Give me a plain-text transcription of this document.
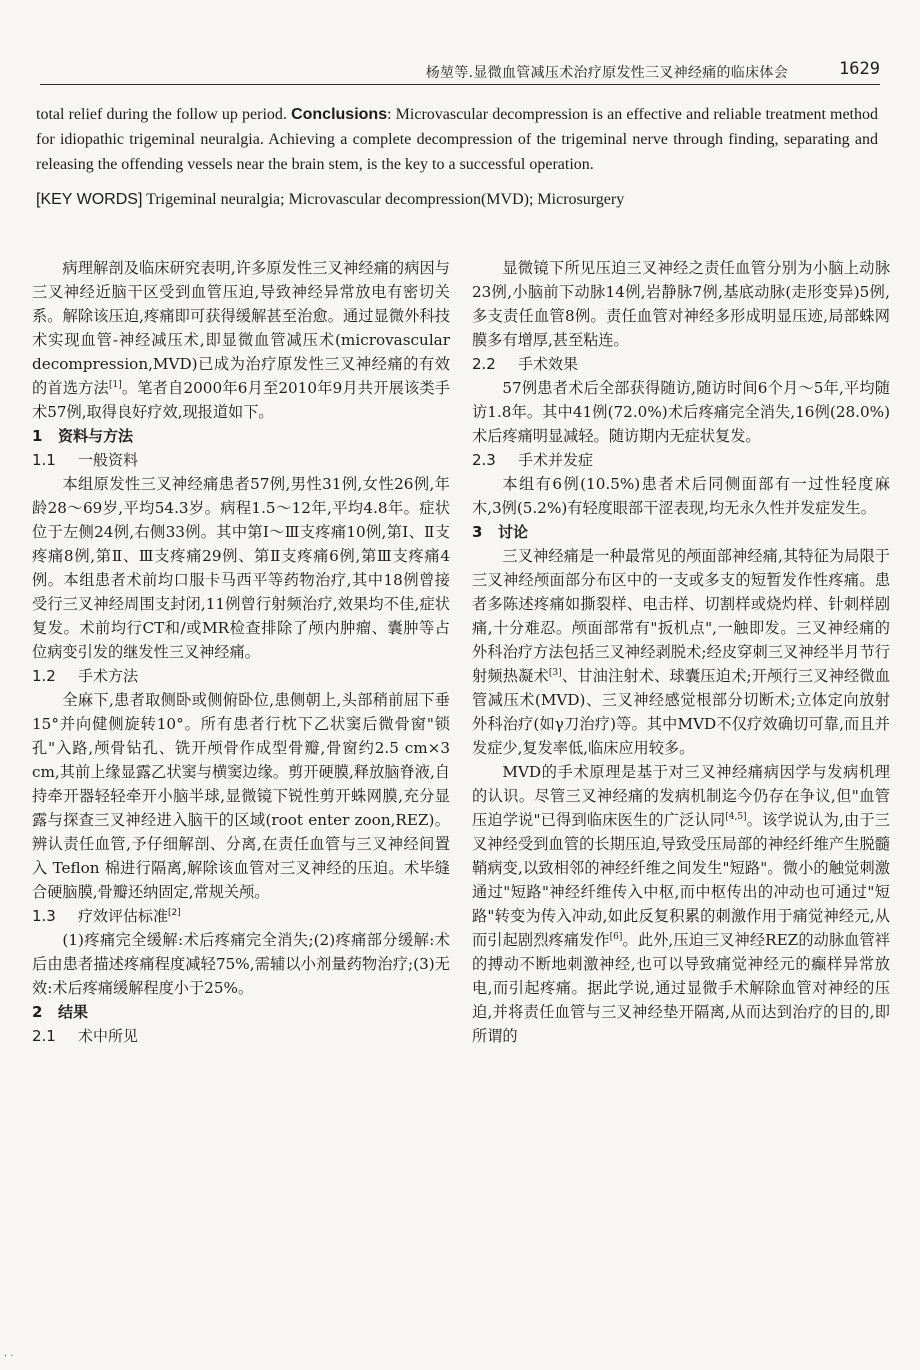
杨堃等.显微血管减压术治疗原发性三叉神经痛的临床体会	1629
total relief during the follow up period. Conclusions: Microvascular decompression is an effective and reliable treatment method for idiopathic trigeminal neuralgia. Achieving a complete decompression of the trigeminal nerve through finding, separating and releasing the offending vessels near the brain stem, is the key to a successful operation.
[KEY WORDS] Trigeminal neuralgia; Microvascular decompression(MVD); Microsurgery

病理解剖及临床研究表明,许多原发性三叉神经痛的病因与三叉神经近脑干区受到血管压迫,导致神经异常放电有密切关系。解除该压迫,疼痛即可获得缓解甚至治愈。通过显微外科技术实现血管-神经减压术,即显微血管减压术(microvascular decompression,MVD)已成为治疗原发性三叉神经痛的有效的首选方法[1]。笔者自2000年6月至2010年9月共开展该类手术57例,取得良好疗效,现报道如下。

1 资料与方法
1.1 一般资料

本组原发性三叉神经痛患者57例,男性31例,女性26例,年龄28～69岁,平均54.3岁。病程1.5～12年,平均4.8年。症状位于左侧24例,右侧33例。其中第Ⅰ～Ⅲ支疼痛10例,第Ⅰ、Ⅱ支疼痛8例,第Ⅱ、Ⅲ支疼痛29例、第Ⅱ支疼痛6例,第Ⅲ支疼痛4例。本组患者术前均口服卡马西平等药物治疗,其中18例曾接受行三叉神经周围支封闭,11例曾行射频治疗,效果均不佳,症状复发。术前均行CT和/或MR检查排除了颅内肿瘤、囊肿等占位病变引发的继发性三叉神经痛。

1.2 手术方法

全麻下,患者取侧卧或侧俯卧位,患侧朝上,头部稍前屈下垂15°并向健侧旋转10°。所有患者行枕下乙状窦后微骨窗"锁孔"入路,颅骨钻孔、铣开颅骨作成型骨瓣,骨窗约2.5 cm×3 cm,其前上缘显露乙状窦与横窦边缘。剪开硬膜,释放脑脊液,自持牵开器轻轻牵开小脑半球,显微镜下锐性剪开蛛网膜,充分显露与探查三叉神经进入脑干的区域(root enter zoon,REZ)。辨认责任血管,予仔细解剖、分离,在责任血管与三叉神经间置入 Teflon 棉进行隔离,解除该血管对三叉神经的压迫。术毕缝合硬脑膜,骨瓣还纳固定,常规关颅。

1.3 疗效评估标准[2]

(1)疼痛完全缓解:术后疼痛完全消失;(2)疼痛部分缓解:术后由患者描述疼痛程度减轻75%,需辅以小剂量药物治疗;(3)无效:术后疼痛缓解程度小于25%。

2 结果
2.1 术中所见

显微镜下所见压迫三叉神经之责任血管分别为小脑上动脉23例,小脑前下动脉14例,岩静脉7例,基底动脉(走形变异)5例,多支责任血管8例。责任血管对神经多形成明显压迹,局部蛛网膜多有增厚,甚至粘连。

2.2 手术效果

57例患者术后全部获得随访,随访时间6个月～5年,平均随访1.8年。其中41例(72.0%)术后疼痛完全消失,16例(28.0%)术后疼痛明显减轻。随访期内无症状复发。

2.3 手术并发症

本组有6例(10.5%)患者术后同侧面部有一过性轻度麻木,3例(5.2%)有轻度眼部干涩表现,均无永久性并发症发生。

3 讨论

三叉神经痛是一种最常见的颅面部神经痛,其特征为局限于三叉神经颅面部分布区中的一支或多支的短暂发作性疼痛。患者多陈述疼痛如撕裂样、电击样、切割样或烧灼样、针刺样剧痛,十分难忍。颅面部常有"扳机点",一触即发。三叉神经痛的外科治疗方法包括三叉神经剥脱术;经皮穿刺三叉神经半月节行射频热凝术[3]、甘油注射术、球囊压迫术;开颅行三叉神经微血管减压术(MVD)、三叉神经感觉根部分切断术;立体定向放射外科治疗(如γ刀治疗)等。其中MVD不仅疗效确切可靠,而且并发症少,复发率低,临床应用较多。

MVD的手术原理是基于对三叉神经痛病因学与发病机理的认识。尽管三叉神经痛的发病机制迄今仍存在争议,但"血管压迫学说"已得到临床医生的广泛认同[4,5]。该学说认为,由于三叉神经受到血管的长期压迫,导致受压局部的神经纤维产生脱髓鞘病变,以致相邻的神经纤维之间发生"短路"。微小的触觉刺激通过"短路"神经纤维传入中枢,而中枢传出的冲动也可通过"短路"转变为传入冲动,如此反复积累的刺激作用于痛觉神经元,从而引起剧烈疼痛发作[6]。此外,压迫三叉神经REZ的动脉血管袢的搏动不断地刺激神经,也可以导致痛觉神经元的癫样异常放电,而引起疼痛。据此学说,通过显微手术解除血管对神经的压迫,并将责任血管与三叉神经垫开隔离,从而达到治疗的目的,即所谓的

· ·
